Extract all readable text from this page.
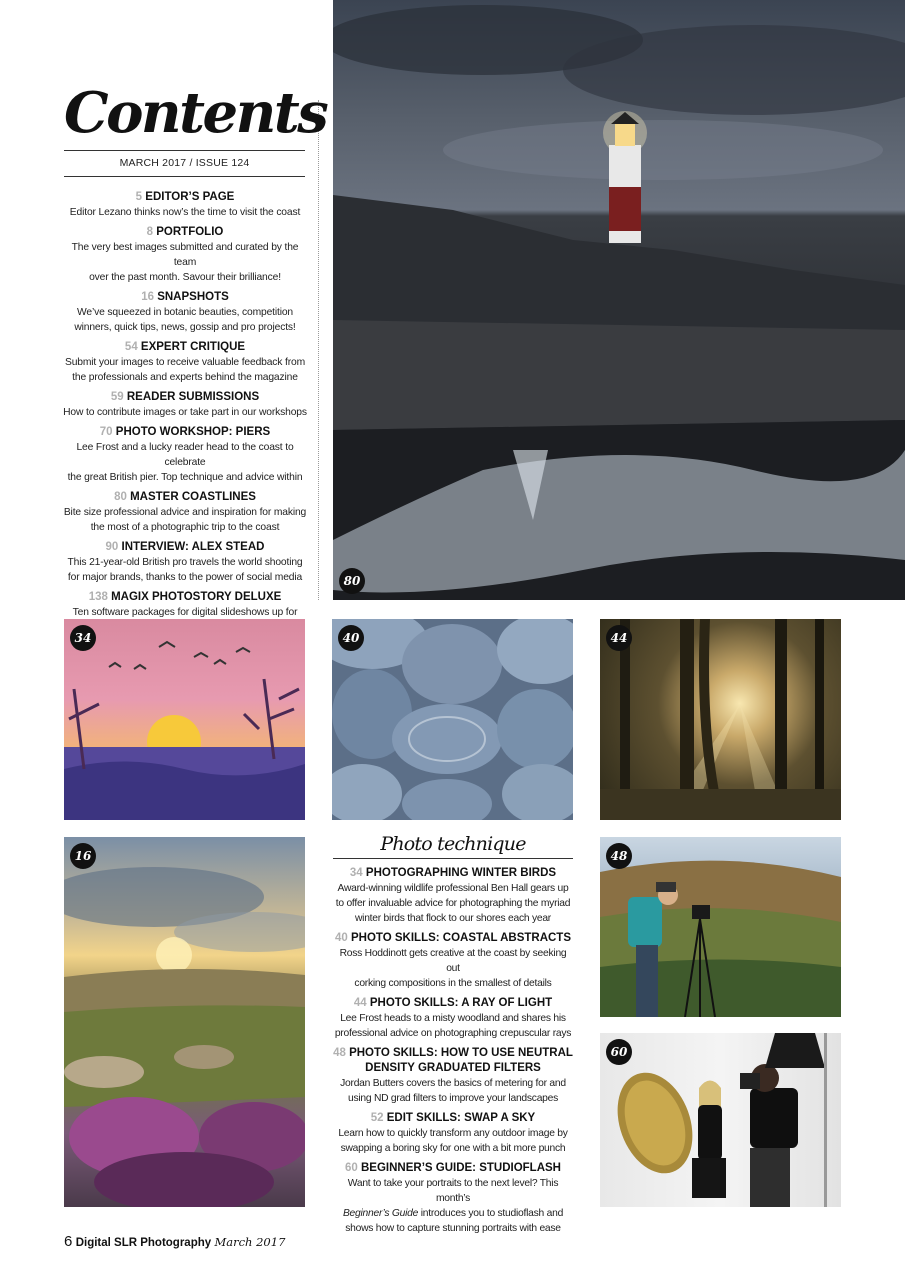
Contents
MARCH 2017 / ISSUE 124
5 EDITOR’S PAGE
Editor Lezano thinks now’s the time to visit the coast
8 PORTFOLIO
The very best images submitted and curated by the team
over the past month. Savour their brilliance!
16 SNAPSHOTS
We’ve squeezed in botanic beauties, competition
winners, quick tips, news, gossip and pro projects!
54 EXPERT CRITIQUE
Submit your images to receive valuable feedback from
the professionals and experts behind the magazine
59 READER SUBMISSIONS
How to contribute images or take part in our workshops
70 PHOTO WORKSHOP: PIERS
Lee Frost and a lucky reader head to the coast to celebrate
the great British pier. Top technique and advice within
80 MASTER COASTLINES
Bite size professional advice and inspiration for making
the most of a photographic trip to the coast
90 INTERVIEW: ALEX STEAD
This 21-year-old British pro travels the world shooting
for major brands, thanks to the power of social media
138 MAGIX PHOTOSTORY DELUXE
Ten software packages for digital slideshows up for
80
34	40	44
16
Photo technique
34 PHOTOGRAPHING WINTER BIRDS
Award-winning wildlife professional Ben Hall gears up
to offer invaluable advice for photographing the myriad
winter birds that flock to our shores each year
40 PHOTO SKILLS: COASTAL ABSTRACTS
Ross Hoddinott gets creative at the coast by seeking out
corking compositions in the smallest of details
44 PHOTO SKILLS: A RAY OF LIGHT
Lee Frost heads to a misty woodland and shares his
professional advice on photographing crepuscular rays
48 PHOTO SKILLS: HOW TO USE NEUTRAL
DENSITY GRADUATED FILTERS
Jordan Butters covers the basics of metering for and
using ND grad filters to improve your landscapes
52 EDIT SKILLS: SWAP A SKY
Learn how to quickly transform any outdoor image by
swapping a boring sky for one with a bit more punch
60 BEGINNER’S GUIDE: STUDIOFLASH
Want to take your portraits to the next level? This month’s
Beginner’s Guide introduces you to studioflash and
shows how to capture stunning portraits with ease
48
60
6 Digital SLR Photography March 2017
